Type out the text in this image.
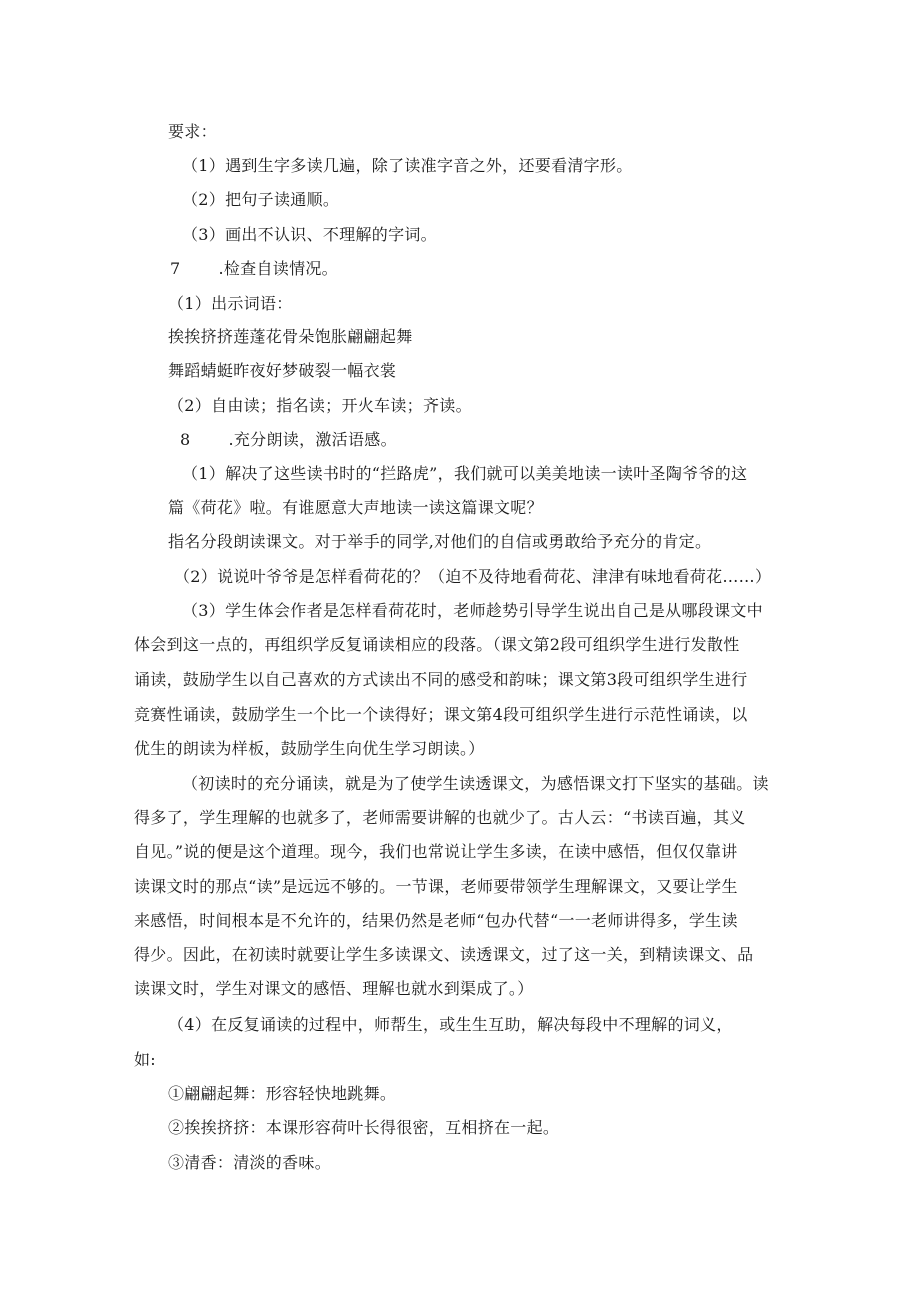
要求：
（1）遇到生字多读几遍，除了读准字音之外，还要看清字形。
（2）把句子读通顺。
（3）画出不认识、不理解的字词。
7 .检查自读情况。
（1）出示词语：
挨挨挤挤莲蓬花骨朵饱胀翩翩起舞
舞蹈蜻蜓昨夜好梦破裂一幅衣裳
（2）自由读；指名读；开火车读；齐读。
8 .充分朗读，激活语感。
（1）解决了这些读书时的“拦路虎”，我们就可以美美地读一读叶圣陶爷爷的这
篇《荷花》啦。有谁愿意大声地读一读这篇课文呢？
指名分段朗读课文。对于举手的同学,对他们的自信或勇敢给予充分的肯定。
（2）说说叶爷爷是怎样看荷花的？（迫不及待地看荷花、津津有味地看荷花……）
（3）学生体会作者是怎样看荷花时，老师趁势引导学生说出自己是从哪段课文中
体会到这一点的，再组织学反复诵读相应的段落。（课文第2段可组织学生进行发散性
诵读，鼓励学生以自己喜欢的方式读出不同的感受和韵味；课文第3段可组织学生进行
竞赛性诵读，鼓励学生一个比一个读得好；课文第4段可组织学生进行示范性诵读，以
优生的朗读为样板，鼓励学生向优生学习朗读。）
（初读时的充分诵读，就是为了使学生读透课文，为感悟课文打下坚实的基础。读
得多了，学生理解的也就多了，老师需要讲解的也就少了。古人云：“书读百遍，其义
自见。”说的便是这个道理。现今，我们也常说让学生多读，在读中感悟，但仅仅靠讲
读课文时的那点“读”是远远不够的。一节课，老师要带领学生理解课文，又要让学生
来感悟，时间根本是不允许的，结果仍然是老师“包办代替“一一老师讲得多，学生读
得少。因此，在初读时就要让学生多读课文、读透课文，过了这一关，到精读课文、品
读课文时，学生对课文的感悟、理解也就水到渠成了。）
（4）在反复诵读的过程中，师帮生，或生生互助，解决每段中不理解的词义，
如:
①翩翩起舞：形容轻快地跳舞。
②挨挨挤挤：本课形容荷叶长得很密，互相挤在一起。
③清香：清淡的香味。
